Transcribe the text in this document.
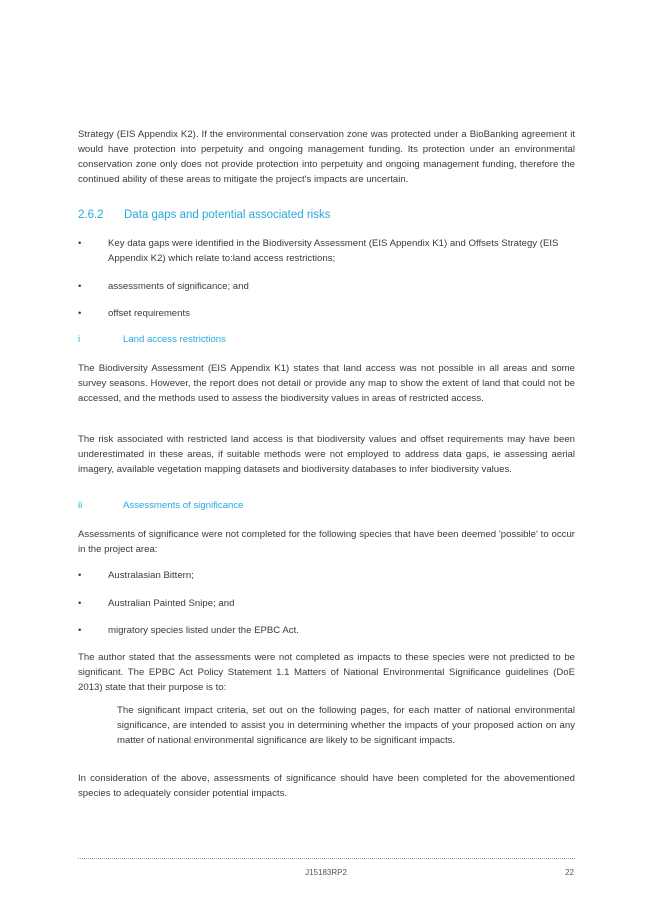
Strategy (EIS Appendix K2). If the environmental conservation zone was protected under a BioBanking agreement it would have protection into perpetuity and ongoing management funding. Its protection under an environmental conservation zone only does not provide protection into perpetuity and ongoing management funding, therefore the continued ability of these areas to mitigate the project's impacts are uncertain.

2.6.2 Data gaps and potential associated risks
•	Key data gaps were identified in the Biodiversity Assessment (EIS Appendix K1) and Offsets Strategy (EIS Appendix K2) which relate to:land access restrictions;
•	assessments of significance; and
•	offset requirements
i	Land access restrictions

The Biodiversity Assessment (EIS Appendix K1) states that land access was not possible in all areas and some survey seasons. However, the report does not detail or provide any map to show the extent of land that could not be accessed, and the methods used to assess the biodiversity values in areas of restricted access.

The risk associated with restricted land access is that biodiversity values and offset requirements may have been underestimated in these areas, if suitable methods were not employed to address data gaps, ie assessing aerial imagery, available vegetation mapping datasets and biodiversity databases to infer biodiversity values.

ii	Assessments of significance

Assessments of significance were not completed for the following species that have been deemed 'possible' to occur in the project area:

•	Australasian Bittern;
•	Australian Painted Snipe; and
•	migratory species listed under the EPBC Act.

The author stated that the assessments were not completed as impacts to these species were not predicted to be significant. The EPBC Act Policy Statement 1.1 Matters of National Environmental Significance guidelines (DoE 2013) state that their purpose is to:

The significant impact criteria, set out on the following pages, for each matter of national environmental significance, are intended to assist you in determining whether the impacts of your proposed action on any matter of national environmental significance are likely to be significant impacts.

In consideration of the above, assessments of significance should have been completed for the abovementioned species to adequately consider potential impacts.

J15183RP2	22
